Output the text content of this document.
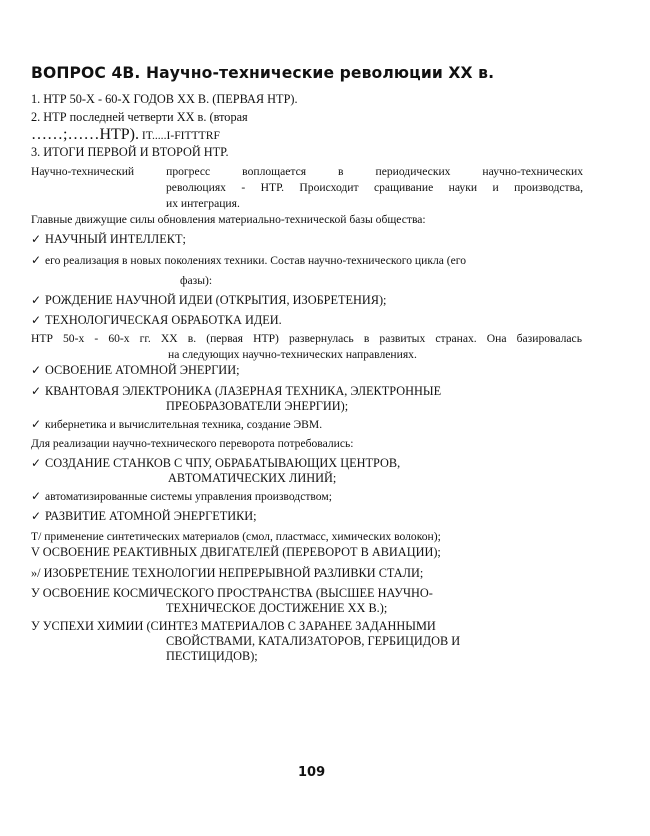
ВОПРОС 4B. Научно-технические революции XX в.
1. НТР 50-Х - 60-Х ГОДОВ XX В. (ПЕРВАЯ НТР).
2. НТР последней четверти XX в. (вторая
……;……НТР). IT.....I-FITTTRF
3. ИТОГИ ПЕРВОЙ И ВТОРОЙ НТР.
Научно-технический прогресс воплощается в периодических научно-технических
революциях - НТР. Происходит сращивание науки и производства,
их интеграция.
Главные движущие силы обновления материально-технической базы общества:
✓ НАУЧНЫЙ ИНТЕЛЛЕКТ;
✓ его реализация в новых поколениях техники. Состав научно-технического цикла (его
фазы):
✓ РОЖДЕНИЕ НАУЧНОЙ ИДЕИ (ОТКРЫТИЯ, ИЗОБРЕТЕНИЯ);
✓ ТЕХНОЛОГИЧЕСКАЯ ОБРАБОТКА ИДЕИ.
НТР 50-х - 60-х гг. XX в. (первая НТР) развернулась в развитых странах. Она базировалась
на следующих научно-технических направлениях.
✓ ОСВОЕНИЕ АТОМНОЙ ЭНЕРГИИ;
✓ КВАНТОВАЯ ЭЛЕКТРОНИКА (ЛАЗЕРНАЯ ТЕХНИКА, ЭЛЕКТРОННЫЕ
ПРЕОБРАЗОВАТЕЛИ ЭНЕРГИИ);
✓ кибернетика и вычислительная техника, создание ЭВМ.
Для реализации научно-технического переворота потребовались:
✓ СОЗДАНИЕ СТАНКОВ С ЧПУ, ОБРАБАТЫВАЮЩИХ ЦЕНТРОВ,
АВТОМАТИЧЕСКИХ ЛИНИЙ;
✓ автоматизированные системы управления производством;
✓ РАЗВИТИЕ АТОМНОЙ ЭНЕРГЕТИКИ;
Т/ применение синтетических материалов (смол, пластмасс, химических волокон);
V ОСВОЕНИЕ РЕАКТИВНЫХ ДВИГАТЕЛЕЙ (ПЕРЕВОРОТ В АВИАЦИИ);
»/ ИЗОБРЕТЕНИЕ ТЕХНОЛОГИИ НЕПРЕРЫВНОЙ РАЗЛИВКИ СТАЛИ;
У ОСВОЕНИЕ КОСМИЧЕСКОГО ПРОСТРАНСТВА (ВЫСШЕЕ НАУЧНО-
ТЕХНИЧЕСКОЕ ДОСТИЖЕНИЕ XX В.);
У УСПЕХИ ХИМИИ (СИНТЕЗ МАТЕРИАЛОВ С ЗАРАНЕЕ ЗАДАННЫМИ
СВОЙСТВАМИ, КАТАЛИЗАТОРОВ, ГЕРБИЦИДОВ И
ПЕСТИЦИДОВ);
109
